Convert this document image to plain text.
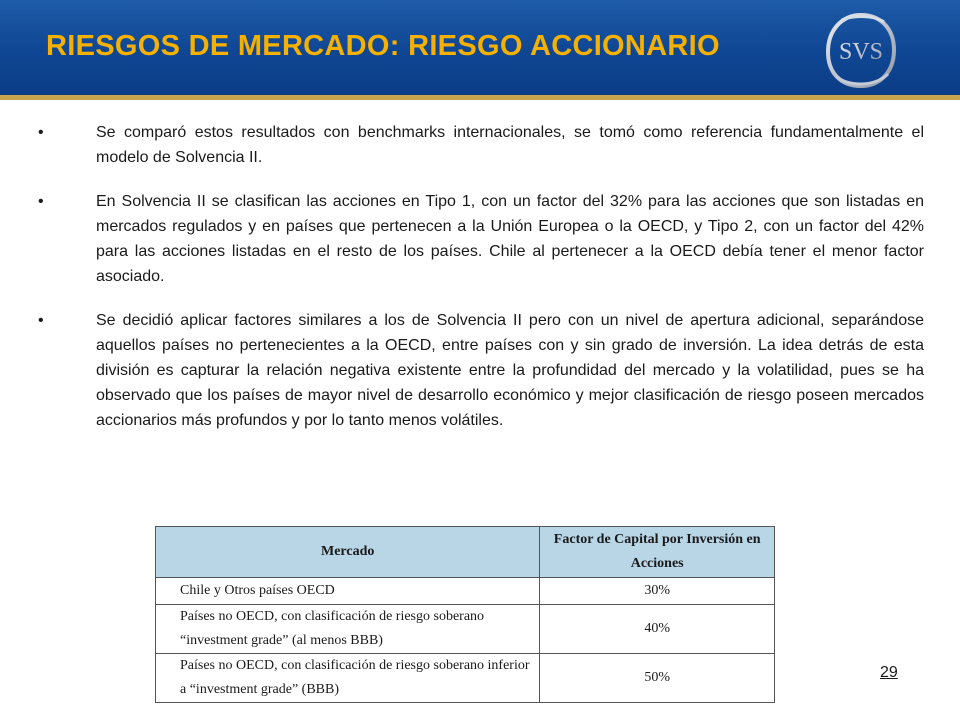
RIESGOS DE MERCADO: RIESGO ACCIONARIO	SVS
•	Se comparó estos resultados con benchmarks internacionales, se tomó como referencia fundamentalmente el modelo de Solvencia II.
•	En Solvencia II se clasifican las acciones en Tipo 1, con un factor del 32% para las acciones que son listadas en mercados regulados y en países que pertenecen a la Unión Europea o la OECD, y Tipo 2, con un factor del 42% para las acciones listadas en el resto de los países. Chile al pertenecer a la OECD debía tener el menor factor asociado.
•	Se decidió aplicar factores similares a los de Solvencia II pero con un nivel de apertura adicional, separándose aquellos países no pertenecientes a la OECD, entre países con y sin grado de inversión. La idea detrás de esta división es capturar la relación negativa existente entre la profundidad del mercado y la volatilidad, pues se ha observado que los países de mayor nivel de desarrollo económico y mejor clasificación de riesgo poseen mercados accionarios más profundos y por lo tanto menos volátiles.
Mercado	Factor de Capital por Inversión en Acciones
Chile y Otros países OECD	30%
Países no OECD, con clasificación de riesgo soberano “investment grade” (al menos BBB)	40%
Países no OECD, con clasificación de riesgo soberano inferior a “investment grade” (BBB)	50%	29
